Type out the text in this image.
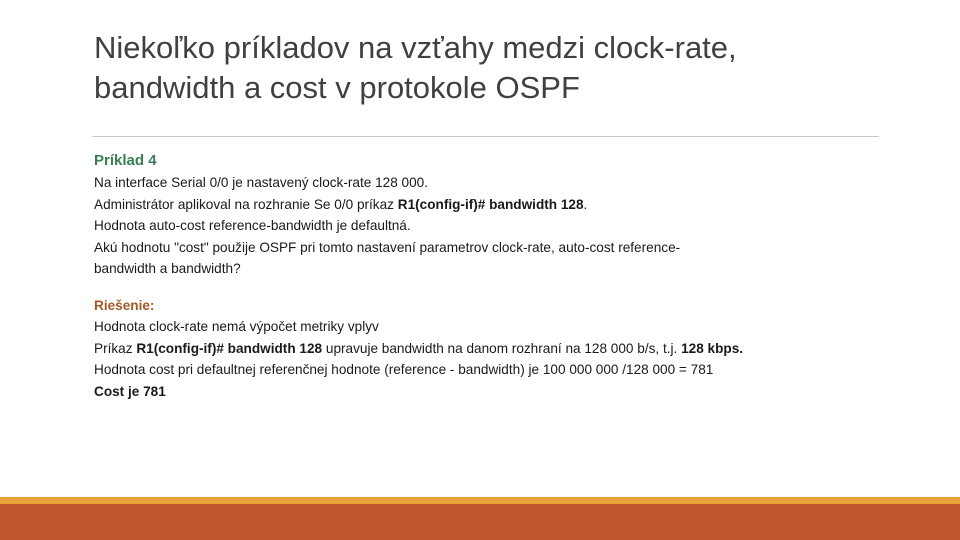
Niekoľko príkladov na vzťahy medzi clock-rate,
bandwidth a cost v protokole OSPF

Príklad 4

Na interface Serial 0/0 je nastavený clock-rate 128 000.

Administrátor aplikoval na rozhranie Se 0/0 príkaz R1(config-if)# bandwidth 128.

Hodnota auto-cost reference-bandwidth je defaultná.

Akú hodnotu "cost" použije OSPF pri tomto nastavení parametrov clock-rate, auto-cost reference-

bandwidth a bandwidth?

Riešenie:

Hodnota clock-rate nemá výpočet metriky vplyv

Príkaz R1(config-if)# bandwidth 128 upravuje bandwidth na danom rozhraní na 128 000 b/s, t.j. 128 kbps.

Hodnota cost pri defaultnej referenčnej hodnote (reference - bandwidth) je 100 000 000 /128 000 = 781

Cost je 781
